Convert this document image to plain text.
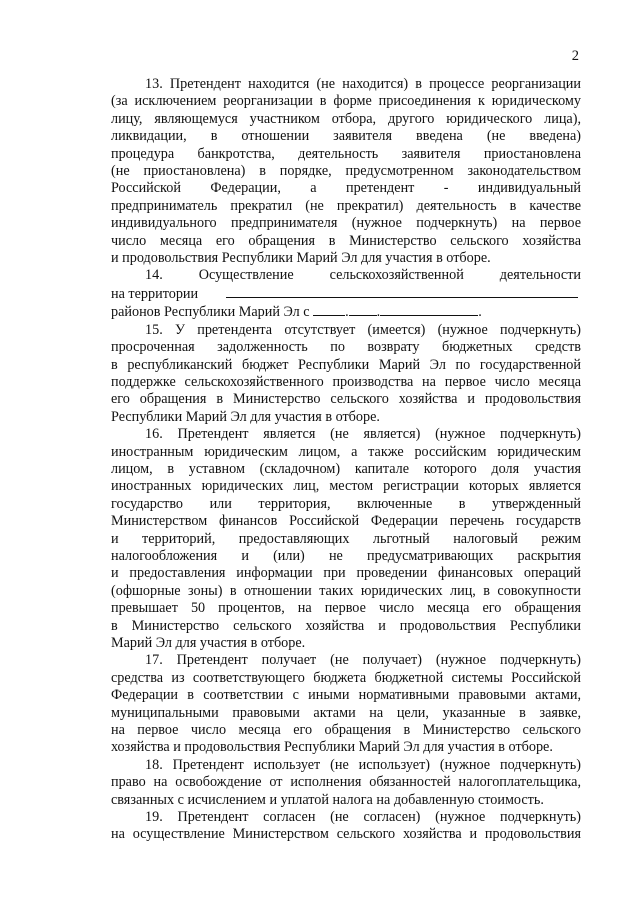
2
13. Претендент находится (не находится) в процессе реорганизации
(за исключением реорганизации в форме присоединения к юридическому
лицу, являющемуся участником отбора, другого юридического лица),
ликвидации, в отношении заявителя введена (не введена)
процедура банкротства, деятельность заявителя приостановлена
(не приостановлена) в порядке, предусмотренном законодательством
Российской Федерации, а претендент - индивидуальный
предприниматель прекратил (не прекратил) деятельность в качестве
индивидуального предпринимателя (нужное подчеркнуть) на первое
число месяца его обращения в Министерство сельского хозяйства
и продовольствия Республики Марий Эл для участия в отборе.
14. Осуществление сельскохозяйственной деятельности
на территории
районов Республики Марий Эл с	. .	.
15. У претендента отсутствует (имеется) (нужное подчеркнуть)
просроченная задолженность по возврату бюджетных средств
в республиканский бюджет Республики Марий Эл по государственной
поддержке сельскохозяйственного производства на первое число месяца
его обращения в Министерство сельского хозяйства и продовольствия
Республики Марий Эл для участия в отборе.
16. Претендент является (не является) (нужное подчеркнуть)
иностранным юридическим лицом, а также российским юридическим
лицом, в уставном (складочном) капитале которого доля участия
иностранных юридических лиц, местом регистрации которых является
государство или территория, включенные в утвержденный
Министерством финансов Российской Федерации перечень государств
и территорий, предоставляющих льготный налоговый режим
налогообложения и (или) не предусматривающих раскрытия
и предоставления информации при проведении финансовых операций
(офшорные зоны) в отношении таких юридических лиц, в совокупности
превышает 50 процентов, на первое число месяца его обращения
в Министерство сельского хозяйства и продовольствия Республики
Марий Эл для участия в отборе.
17. Претендент получает (не получает) (нужное подчеркнуть)
средства из соответствующего бюджета бюджетной системы Российской
Федерации в соответствии с иными нормативными правовыми актами,
муниципальными правовыми актами на цели, указанные в заявке,
на первое число месяца его обращения в Министерство сельского
хозяйства и продовольствия Республики Марий Эл для участия в отборе.
18. Претендент использует (не использует) (нужное подчеркнуть)
право на освобождение от исполнения обязанностей налогоплательщика,
связанных с исчислением и уплатой налога на добавленную стоимость.
19. Претендент согласен (не согласен) (нужное подчеркнуть)
на осуществление Министерством сельского хозяйства и продовольствия
